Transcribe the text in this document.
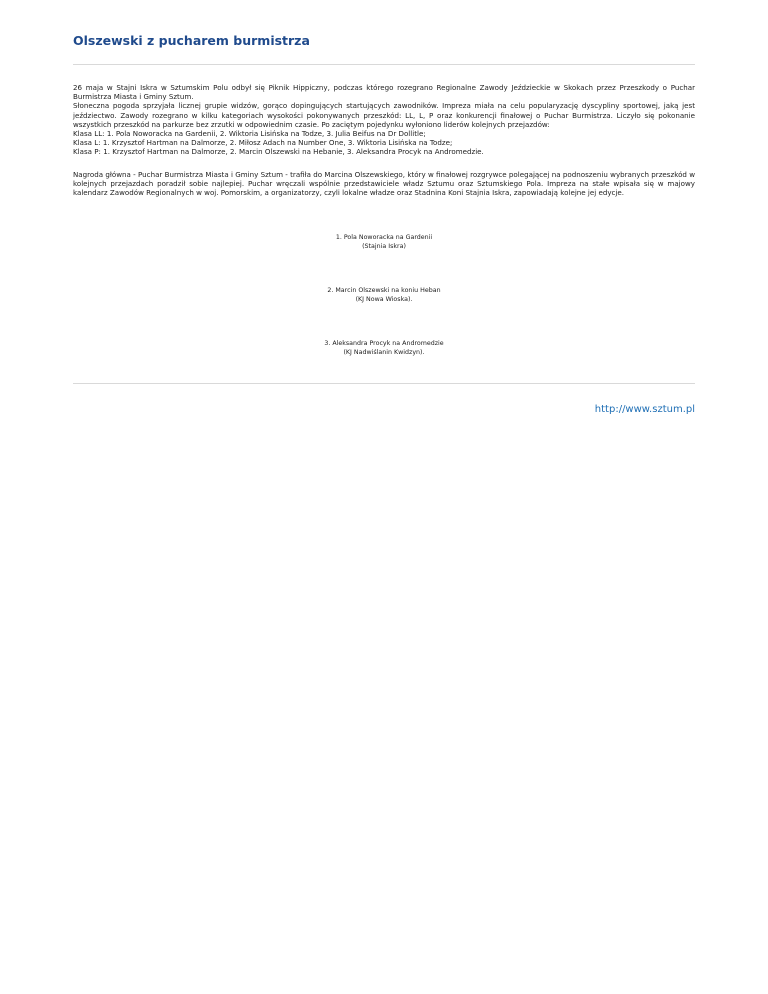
Olszewski z pucharem burmistrza

26 maja w Stajni Iskra w Sztumskim Polu odbył się Piknik Hippiczny, podczas którego rozegrano Regionalne Zawody Jeździeckie w Skokach przez Przeszkody o Puchar Burmistrza Miasta i Gminy Sztum.

Słoneczna pogoda sprzyjała licznej grupie widzów, gorąco dopingujących startujących zawodników. Impreza miała na celu popularyzację dyscypliny sportowej, jaką jest jeździectwo. Zawody rozegrano w kilku kategoriach wysokości pokonywanych przeszkód: LL, L, P oraz konkurencji finałowej o Puchar Burmistrza. Liczyło się pokonanie wszystkich przeszkód na parkurze bez zrzutki w odpowiednim czasie. Po zaciętym pojedynku wyłoniono liderów kolejnych przejazdów:

Klasa LL: 1. Pola Noworacka na Gardenii, 2. Wiktoria Lisińska na Todze, 3. Julia Beifus na Dr Dollitle;

Klasa L: 1. Krzysztof Hartman na Dalmorze, 2. Miłosz Adach na Number One, 3. Wiktoria Lisińska na Todze;

Klasa P: 1. Krzysztof Hartman na Dalmorze, 2. Marcin Olszewski na Hebanie, 3. Aleksandra Procyk na Andromedzie.

Nagroda główna - Puchar Burmistrza Miasta i Gminy Sztum - trafiła do Marcina Olszewskiego, który w finałowej rozgrywce polegającej na podnoszeniu wybranych przeszkód w kolejnych przejazdach poradził sobie najlepiej. Puchar wręczali wspólnie przedstawiciele władz Sztumu oraz Sztumskiego Pola. Impreza na stałe wpisała się w majowy kalendarz Zawodów Regionalnych w woj. Pomorskim, a organizatorzy, czyli lokalne władze oraz Stadnina Koni Stajnia Iskra, zapowiadają kolejne jej edycje.

1. Pola Noworacka na Gardenii
(Stajnia Iskra)
2. Marcin Olszewski na koniu Heban
(KJ Nowa Wioska).
3. Aleksandra Procyk na Andromedzie
(KJ Nadwiślanin Kwidzyn).
http://www.sztum.pl
